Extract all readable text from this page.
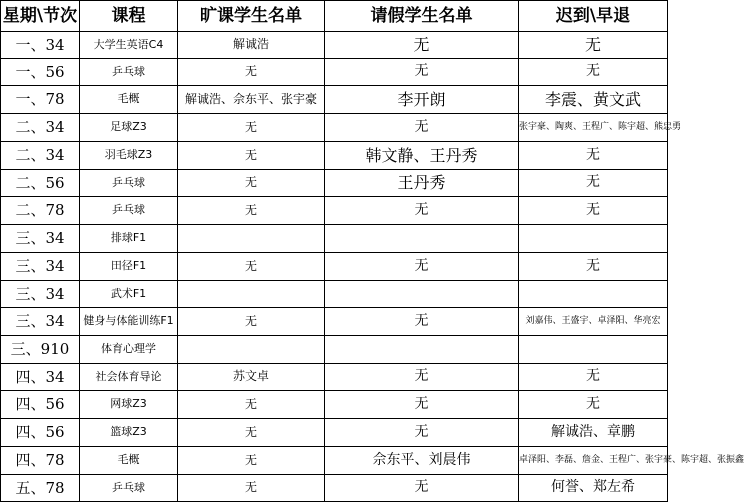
星期\节次	课程	旷课学生名单	请假学生名单	迟到\早退
一、34	大学生英语C4	解诚浩	无	无
一、56	乒乓球	无	无	无
一、78	毛概	解诚浩、佘东平、张宇豪	李开朗	李震、黄文武
二、34	足球Z3	无	无	张宇豪、陶爽、王程广、陈宇超、熊忠勇
二、34	羽毛球Z3	无	韩文静、王丹秀	无
二、56	乒乓球	无	王丹秀	无
二、78	乒乓球	无	无	无
三、34	排球F1			
三、34	田径F1	无	无	无
三、34	武术F1			
三、34	健身与体能训练F1	无	无	刘嘉伟、王盛宇、卓泽阳、华亮宏
三、910	体育心理学			
四、34	社会体育导论	苏文卓	无	无
四、56	网球Z3	无	无	无
四、56	篮球Z3	无	无	解诚浩、章鹏
四、78	毛概	无	佘东平、刘晨伟	卓泽阳、李磊、詹金、王程广、张宇豪、陈宇超、张振鑫
五、78	乒乓球	无	无	何誉、郑左希
